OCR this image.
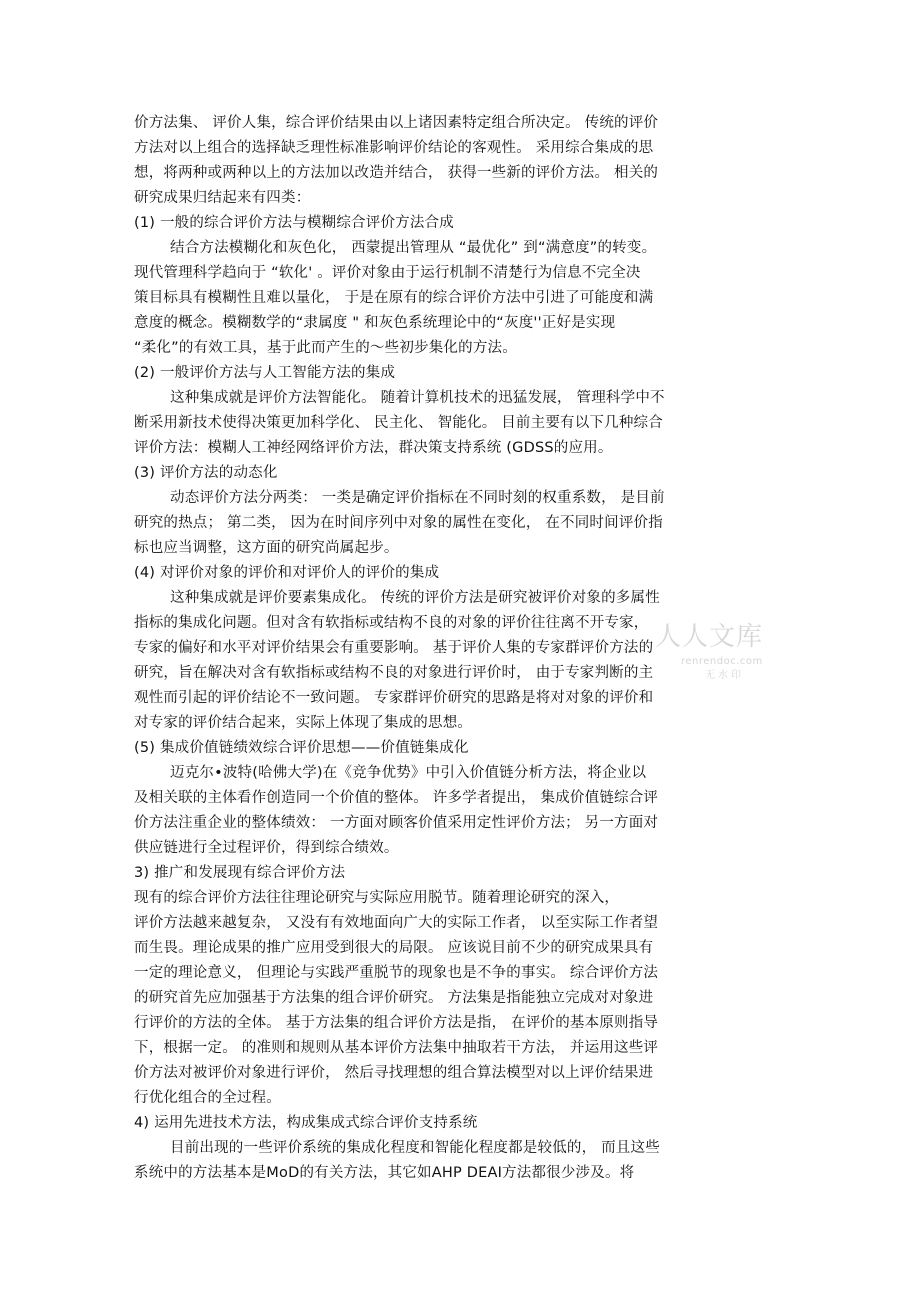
价方法集、 评价人集，综合评价结果由以上诸因素特定组合所决定。 传统的评价
方法对以上组合的选择缺乏理性标准影响评价结论的客观性。 采用综合集成的思
想，将两种或两种以上的方法加以改造并结合， 获得一些新的评价方法。 相关的
研究成果归结起来有四类：
(1) 一般的综合评价方法与模糊综合评价方法合成
结合方法模糊化和灰色化， 西蒙提出管理从 “最优化” 到“满意度”的转变。
现代管理科学趋向于 “软化' 。评价对象由于运行机制不清楚行为信息不完全决
策目标具有模糊性且难以量化， 于是在原有的综合评价方法中引进了可能度和满
意度的概念。模糊数学的“隶属度 " 和灰色系统理论中的“灰度''正好是实现
“柔化”的有效工具，基于此而产生的～些初步集化的方法。
(2) 一般评价方法与人工智能方法的集成
这种集成就是评价方法智能化。 随着计算机技术的迅猛发展， 管理科学中不
断采用新技术使得决策更加科学化、 民主化、 智能化。 目前主要有以下几种综合
评价方法：模糊人工神经网络评价方法，群决策支持系统 (GDSS的应用。
(3) 评价方法的动态化
动态评价方法分两类： 一类是确定评价指标在不同时刻的权重系数， 是目前
研究的热点； 第二类， 因为在时间序列中对象的属性在变化， 在不同时间评价指
标也应当调整，这方面的研究尚属起步。
(4) 对评价对象的评价和对评价人的评价的集成
这种集成就是评价要素集成化。 传统的评价方法是研究被评价对象的多属性
指标的集成化问题。但对含有软指标或结构不良的对象的评价往往离不开专家，
专家的偏好和水平对评价结果会有重要影响。 基于评价人集的专家群评价方法的
研究，旨在解决对含有软指标或结构不良的对象进行评价时， 由于专家判断的主
观性而引起的评价结论不一致问题。 专家群评价研究的思路是将对对象的评价和
对专家的评价结合起来，实际上体现了集成的思想。
(5) 集成价值链绩效综合评价思想——价值链集成化
迈克尔•波特(哈佛大学)在《竞争优势》中引入价值链分析方法，将企业以
及相关联的主体看作创造同一个价值的整体。 许多学者提出， 集成价值链综合评
价方法注重企业的整体绩效： 一方面对顾客价值采用定性评价方法； 另一方面对
供应链进行全过程评价，得到综合绩效。
3) 推广和发展现有综合评价方法
现有的综合评价方法往往理论研究与实际应用脱节。随着理论研究的深入，
评价方法越来越复杂， 又没有有效地面向广大的实际工作者， 以至实际工作者望
而生畏。理论成果的推广应用受到很大的局限。 应该说目前不少的研究成果具有
一定的理论意义， 但理论与实践严重脱节的现象也是不争的事实。 综合评价方法
的研究首先应加强基于方法集的组合评价研究。 方法集是指能独立完成对对象进
行评价的方法的全体。 基于方法集的组合评价方法是指， 在评价的基本原则指导
下，根据一定。 的准则和规则从基本评价方法集中抽取若干方法， 并运用这些评
价方法对被评价对象进行评价， 然后寻找理想的组合算法模型对以上评价结果进
行优化组合的全过程。
4) 运用先进技术方法，构成集成式综合评价支持系统
目前出现的一些评价系统的集成化程度和智能化程度都是较低的， 而且这些
系统中的方法基本是MoD的有关方法，其它如AHP DEAI方法都很少涉及。将
人人文库
renrendoc.com
无水印
